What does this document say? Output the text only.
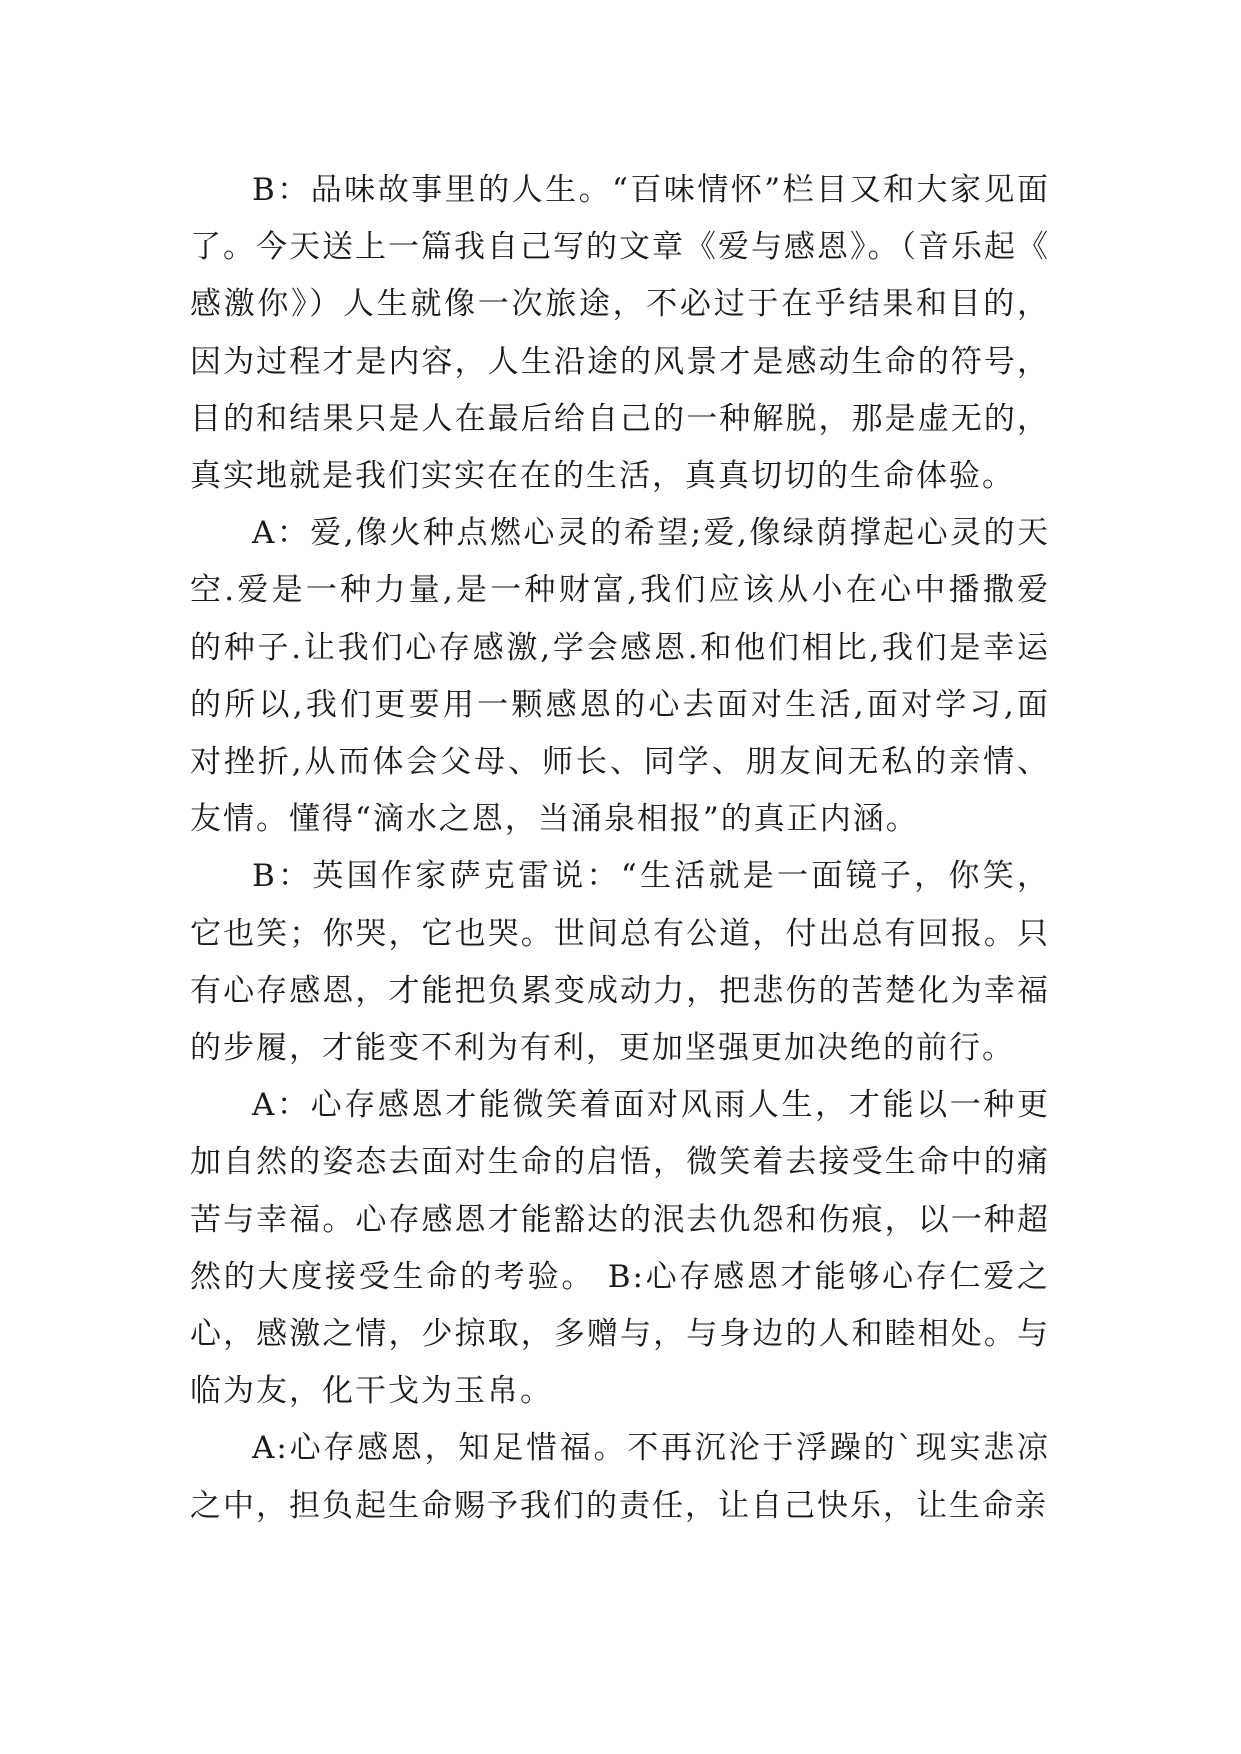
B：品味故事里的人生。“百味情怀”栏目又和大家见面了。今天送上一篇我自己写的文章《爱与感恩》。（音乐起《感激你》）人生就像一次旅途，不必过于在乎结果和目的，因为过程才是内容，人生沿途的风景才是感动生命的符号，目的和结果只是人在最后给自己的一种解脱，那是虚无的，真实地就是我们实实在在的生活，真真切切的生命体验。

A：爱,像火种点燃心灵的希望;爱,像绿荫撑起心灵的天空.爱是一种力量,是一种财富,我们应该从小在心中播撒爱的种子.让我们心存感激,学会感恩.和他们相比,我们是幸运的所以,我们更要用一颗感恩的心去面对生活,面对学习,面对挫折,从而体会父母、师长、同学、朋友间无私的亲情、友情。懂得“滴水之恩，当涌泉相报”的真正内涵。

B：英国作家萨克雷说：“生活就是一面镜子，你笑，它也笑；你哭，它也哭。世间总有公道，付出总有回报。只有心存感恩，才能把负累变成动力，把悲伤的苦楚化为幸福的步履，才能变不利为有利，更加坚强更加决绝的前行。

A：心存感恩才能微笑着面对风雨人生，才能以一种更加自然的姿态去面对生命的启悟，微笑着去接受生命中的痛苦与幸福。心存感恩才能豁达的泯去仇怨和伤痕，以一种超然的大度接受生命的考验。 B:心存感恩才能够心存仁爱之心，感激之情，少掠取，多赠与，与身边的人和睦相处。与临为友，化干戈为玉帛。

A:心存感恩，知足惜福。不再沉沦于浮躁的`现实悲凉之中，担负起生命赐予我们的责任，让自己快乐，让生命亲
